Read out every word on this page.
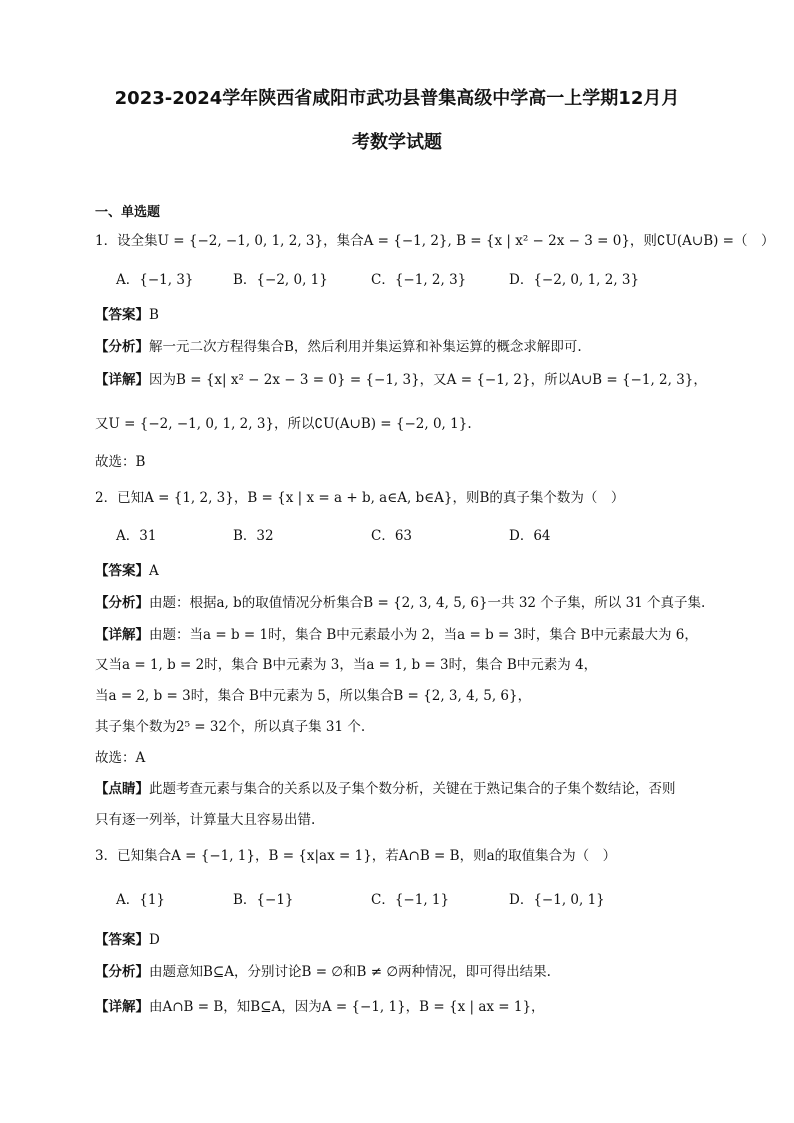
2023-2024学年陕西省咸阳市武功县普集高级中学高一上学期12月月
考数学试题
一、单选题
1．设全集U = {−2, −1, 0, 1, 2, 3}，集合A = {−1, 2}, B = {x | x² − 2x − 3 = 0}，则∁U(A∪B) =（　）
A．{−1, 3}	B．{−2, 0, 1}	C．{−1, 2, 3}	D．{−2, 0, 1, 2, 3}
【答案】B
【分析】解一元二次方程得集合B，然后利用并集运算和补集运算的概念求解即可.
【详解】因为B = {x| x² − 2x − 3 = 0} = {−1, 3}，又A = {−1, 2}，所以A∪B = {−1, 2, 3}，
又U = {−2, −1, 0, 1, 2, 3}，所以∁U(A∪B) = {−2, 0, 1}.
故选：B
2．已知A = {1, 2, 3}，B = {x | x = a + b, a∈A, b∈A}，则B的真子集个数为（　）
A．31	B．32	C．63	D．64
【答案】A
【分析】由题：根据a, b的取值情况分析集合B = {2, 3, 4, 5, 6}一共 32 个子集，所以 31 个真子集.
【详解】由题：当a = b = 1时，集合 B中元素最小为 2，当a = b = 3时，集合 B中元素最大为 6，
又当a = 1, b = 2时，集合 B中元素为 3，当a = 1, b = 3时，集合 B中元素为 4，
当a = 2, b = 3时，集合 B中元素为 5，所以集合B = {2, 3, 4, 5, 6}，
其子集个数为2⁵ = 32个，所以真子集 31 个.
故选：A
【点睛】此题考查元素与集合的关系以及子集个数分析，关键在于熟记集合的子集个数结论，否则
只有逐一列举，计算量大且容易出错.
3．已知集合A = {−1, 1}，B = {x|ax = 1}，若A∩B = B，则a的取值集合为（　）
A．{1}	B．{−1}	C．{−1, 1}	D．{−1, 0, 1}
【答案】D
【分析】由题意知B⊆A，分别讨论B = ∅和B ≠ ∅两种情况，即可得出结果.
【详解】由A∩B = B，知B⊆A，因为A = {−1, 1}，B = {x | ax = 1}，
